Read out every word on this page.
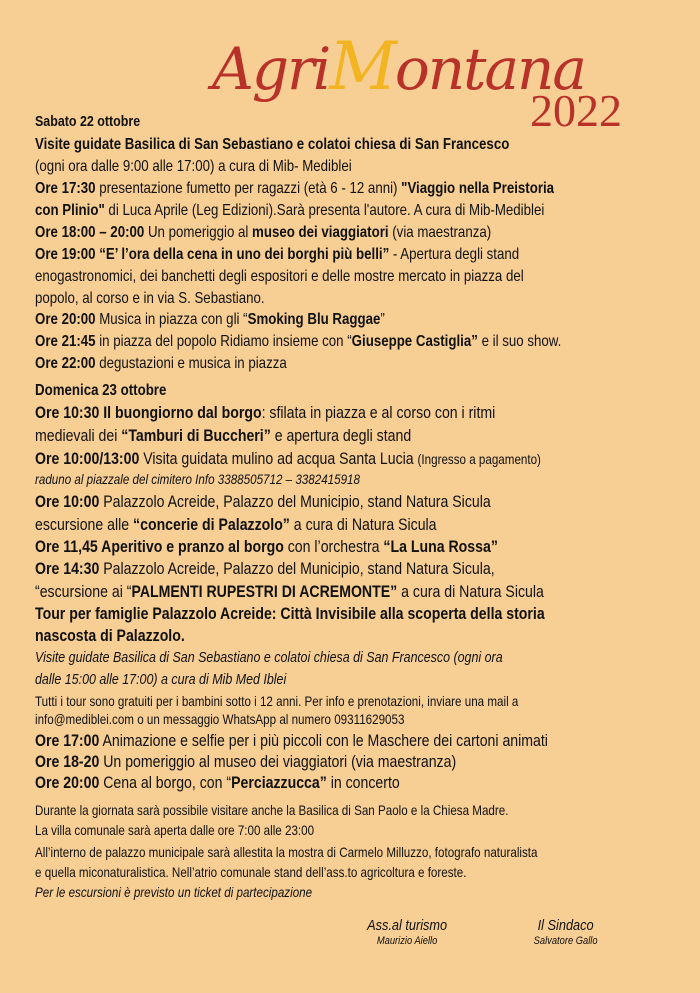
AgriMontana
2022
Sabato 22 ottobre
Visite guidate Basilica di San Sebastiano e colatoi chiesa di San Francesco
(ogni ora dalle 9:00 alle 17:00) a cura di Mib- Mediblei
Ore 17:30 presentazione fumetto per ragazzi (età 6 - 12 anni) "Viaggio nella Preistoria
con Plinio" di Luca Aprile (Leg Edizioni).Sarà presenta l'autore. A cura di Mib-Mediblei
Ore 18:00 – 20:00 Un pomeriggio al museo dei viaggiatori (via maestranza)
Ore 19:00 “E’ l’ora della cena in uno dei borghi più belli” - Apertura degli stand
enogastronomici, dei banchetti degli espositori e delle mostre mercato in piazza del
popolo, al corso e in via S. Sebastiano.
Ore 20:00 Musica in piazza con gli “Smoking Blu Raggae”
Ore 21:45 in piazza del popolo Ridiamo insieme con “Giuseppe Castiglia” e il suo show.
Ore 22:00 degustazioni e musica in piazza
Domenica 23 ottobre
Ore 10:30 Il buongiorno dal borgo: sfilata in piazza e al corso con i ritmi
medievali dei “Tamburi di Buccheri” e apertura degli stand
Ore 10:00/13:00 Visita guidata mulino ad acqua Santa Lucia (Ingresso a pagamento)
raduno al piazzale del cimitero Info 3388505712 – 3382415918
Ore 10:00 Palazzolo Acreide, Palazzo del Municipio, stand Natura Sicula
escursione alle “concerie di Palazzolo” a cura di Natura Sicula
Ore 11,45 Aperitivo e pranzo al borgo con l’orchestra “La Luna Rossa”
Ore 14:30 Palazzolo Acreide, Palazzo del Municipio, stand Natura Sicula,
“escursione ai “PALMENTI RUPESTRI DI ACREMONTE” a cura di Natura Sicula
Tour per famiglie Palazzolo Acreide: Città Invisibile alla scoperta della storia
nascosta di Palazzolo.
Visite guidate Basilica di San Sebastiano e colatoi chiesa di San Francesco (ogni ora
dalle 15:00 alle 17:00) a cura di Mib Med Iblei
Tutti i tour sono gratuiti per i bambini sotto i 12 anni. Per info e prenotazioni, inviare una mail a
info@mediblei.com o un messaggio WhatsApp al numero 09311629053
Ore 17:00 Animazione e selfie per i più piccoli con le Maschere dei cartoni animati
Ore 18-20 Un pomeriggio al museo dei viaggiatori (via maestranza)
Ore 20:00 Cena al borgo, con “Perciazzucca” in concerto
Durante la giornata sarà possibile visitare anche la Basilica di San Paolo e la Chiesa Madre.
La villa comunale sarà aperta dalle ore 7:00 alle 23:00
All’interno de palazzo municipale sarà allestita la mostra di Carmelo Milluzzo, fotografo naturalista
e quella miconaturalistica. Nell’atrio comunale stand dell’ass.to agricoltura e foreste.
Per le escursioni è previsto un ticket di partecipazione
Ass.al turismo
Maurizio Aiello
Il Sindaco
Salvatore Gallo
